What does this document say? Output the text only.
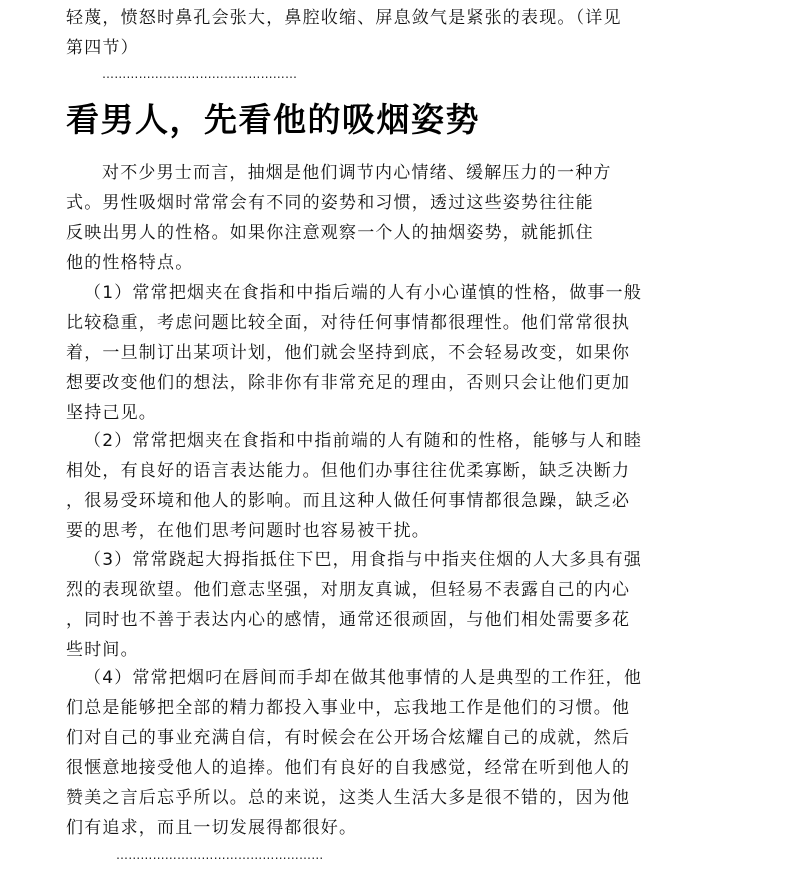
轻蔑，愤怒时鼻孔会张大，鼻腔收缩、屏息敛气是紧张的表现。（详见
第四节）
…………………………………………
看男人，先看他的吸烟姿势
对不少男士而言，抽烟是他们调节内心情绪、缓解压力的一种方
式。男性吸烟时常常会有不同的姿势和习惯，透过这些姿势往往能
反映出男人的性格。如果你注意观察一个人的抽烟姿势，就能抓住
他的性格特点。
（1）常常把烟夹在食指和中指后端的人有小心谨慎的性格，做事一般
比较稳重，考虑问题比较全面，对待任何事情都很理性。他们常常很执
着，一旦制订出某项计划，他们就会坚持到底，不会轻易改变，如果你
想要改变他们的想法，除非你有非常充足的理由，否则只会让他们更加
坚持己见。
（2）常常把烟夹在食指和中指前端的人有随和的性格，能够与人和睦
相处，有良好的语言表达能力。但他们办事往往优柔寡断，缺乏决断力
，很易受环境和他人的影响。而且这种人做任何事情都很急躁，缺乏必
要的思考，在他们思考问题时也容易被干扰。
（3）常常跷起大拇指抵住下巴，用食指与中指夹住烟的人大多具有强
烈的表现欲望。他们意志坚强，对朋友真诚，但轻易不表露自己的内心
，同时也不善于表达内心的感情，通常还很顽固，与他们相处需要多花
些时间。
（4）常常把烟叼在唇间而手却在做其他事情的人是典型的工作狂，他
们总是能够把全部的精力都投入事业中，忘我地工作是他们的习惯。他
们对自己的事业充满自信，有时候会在公开场合炫耀自己的成就，然后
很惬意地接受他人的追捧。他们有良好的自我感觉，经常在听到他人的
赞美之言后忘乎所以。总的来说，这类人生活大多是很不错的，因为他
们有追求，而且一切发展得都很好。
……………………………………………
